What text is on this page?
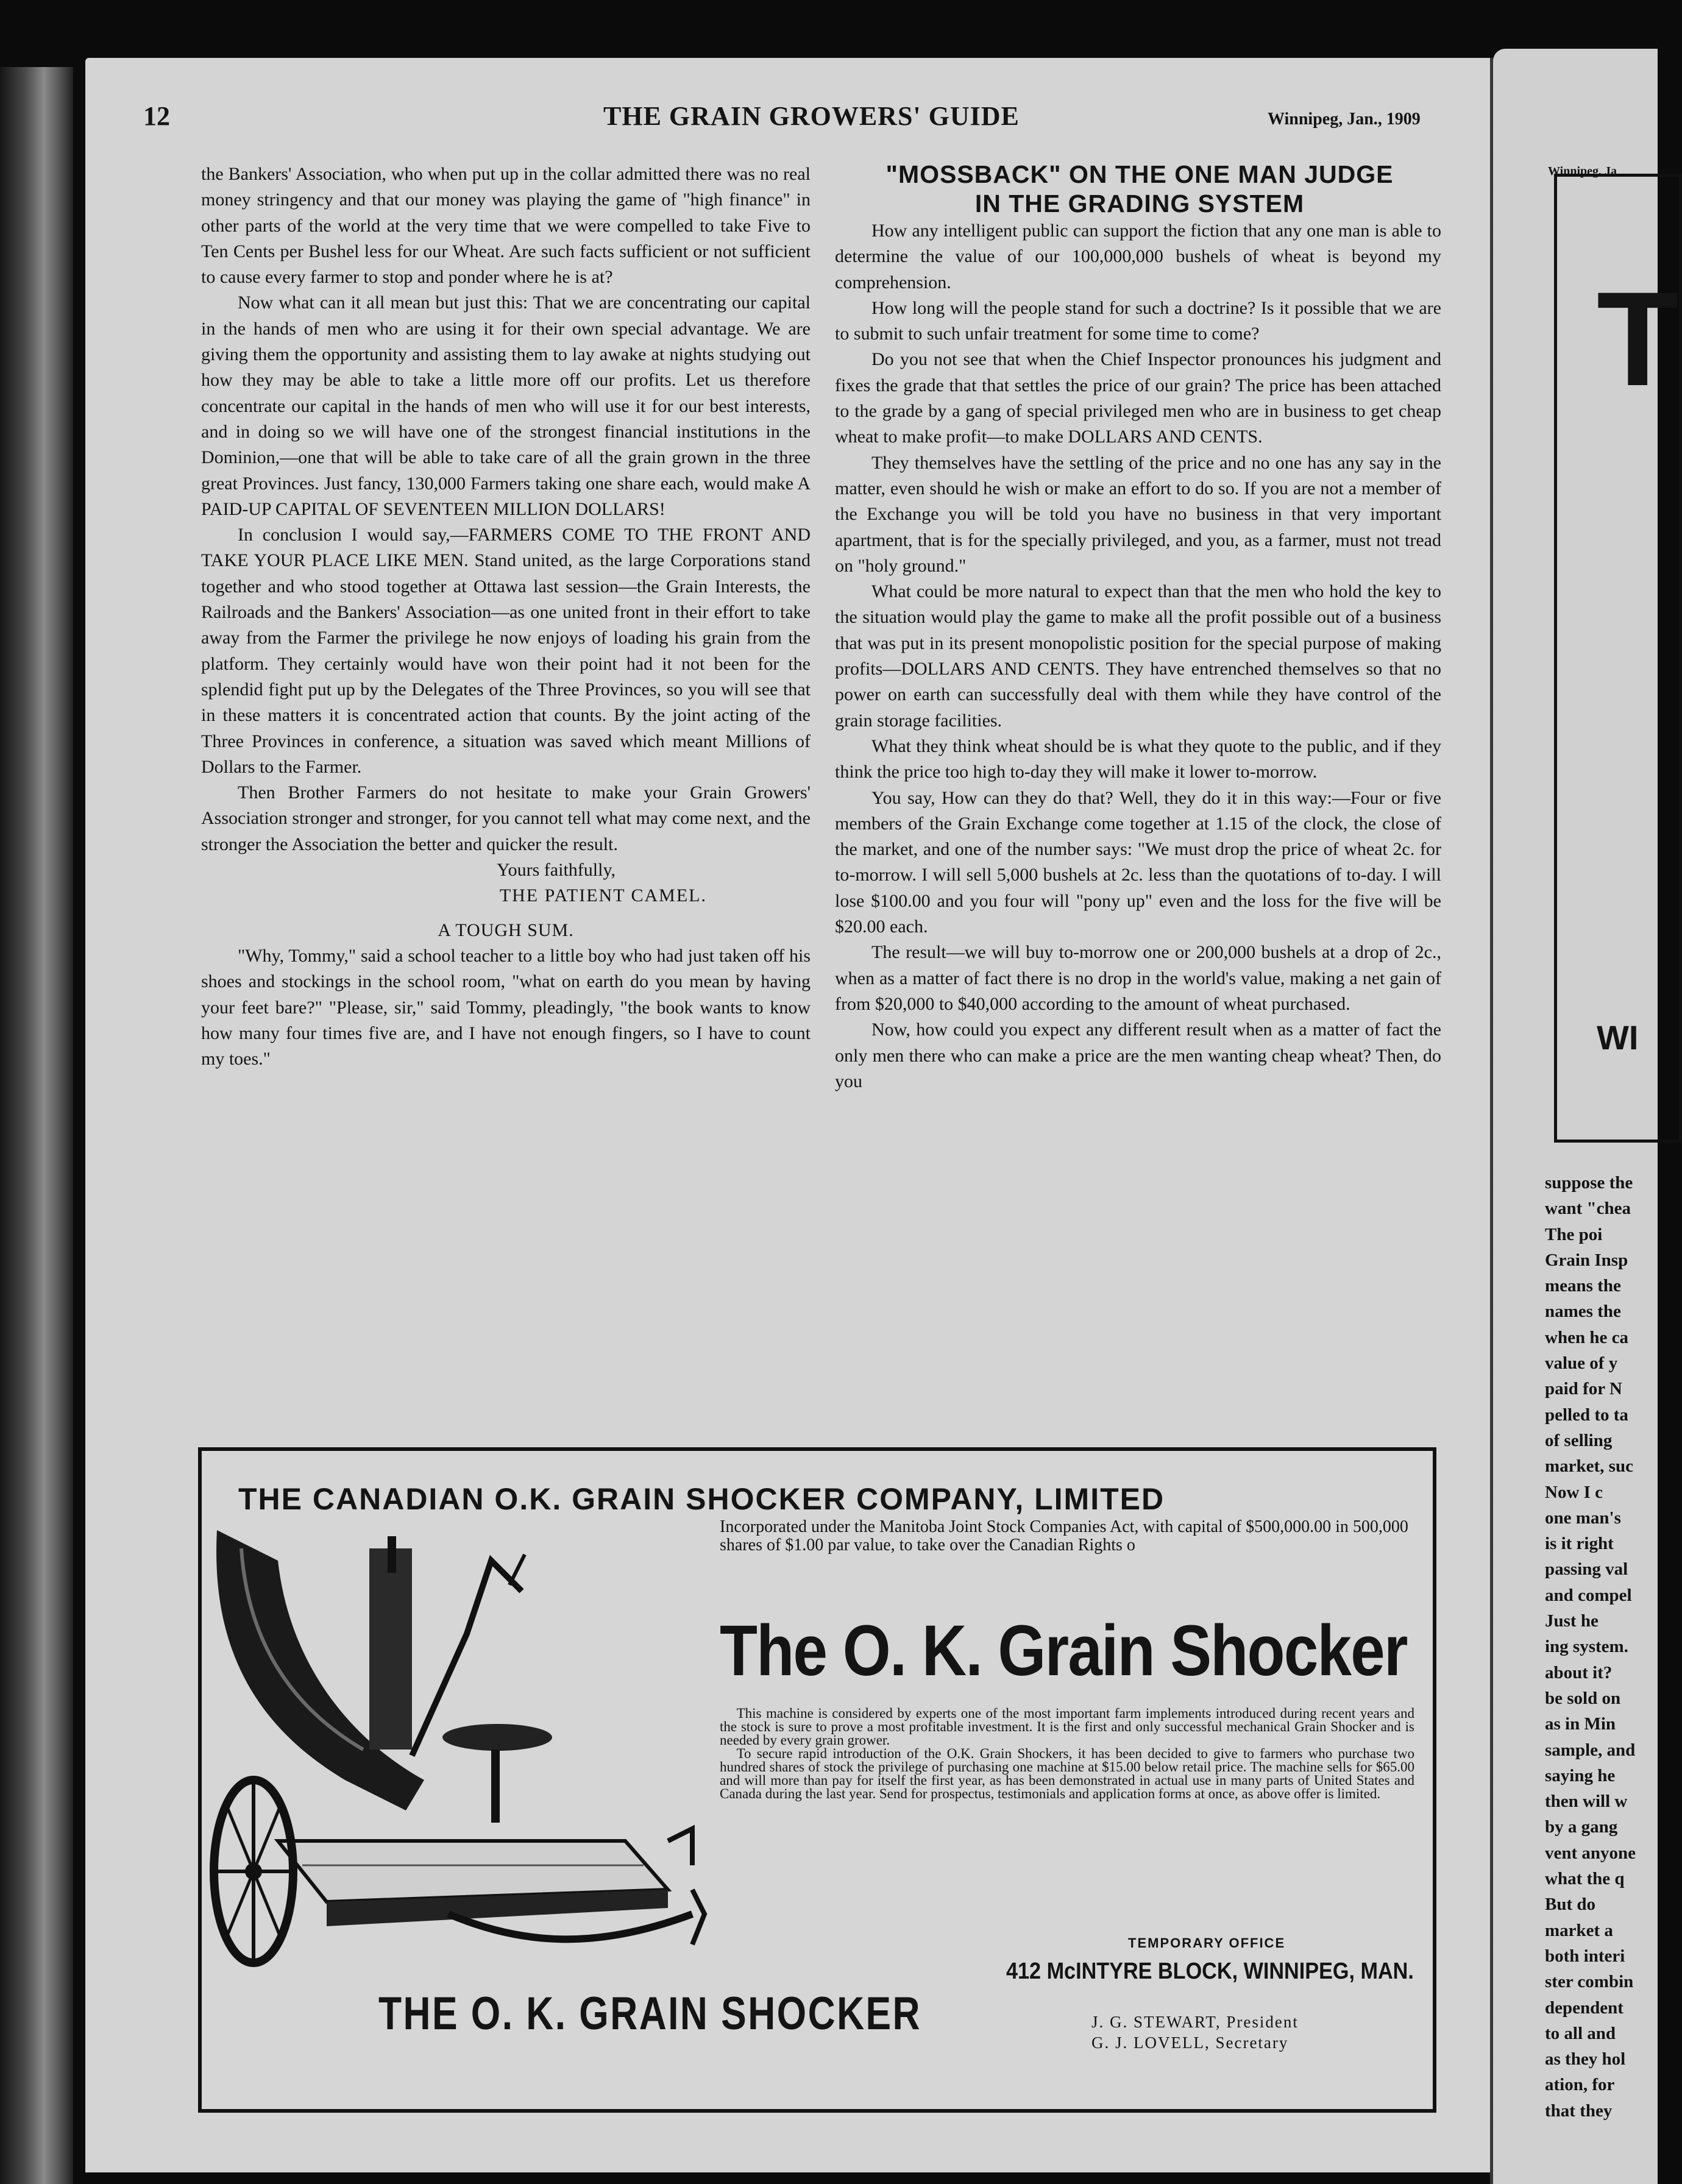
12	THE GRAIN GROWERS' GUIDE	Winnipeg, Jan., 1909

the Bankers' Association, who when put up in the collar admitted there was no real money stringency and that our money was playing the game of "high finance" in other parts of the world at the very time that we were compelled to take Five to Ten Cents per Bushel less for our Wheat. Are such facts sufficient or not sufficient to cause every farmer to stop and ponder where he is at?

Now what can it all mean but just this: That we are concentrating our capital in the hands of men who are using it for their own special advantage. We are giving them the opportunity and assisting them to lay awake at nights studying out how they may be able to take a little more off our profits. Let us therefore concentrate our capital in the hands of men who will use it for our best interests, and in doing so we will have one of the strongest financial institutions in the Dominion,—one that will be able to take care of all the grain grown in the three great Provinces. Just fancy, 130,000 Farmers taking one share each, would make A PAID-UP CAPITAL OF SEVENTEEN MILLION DOLLARS!

In conclusion I would say,—FARMERS COME TO THE FRONT AND TAKE YOUR PLACE LIKE MEN. Stand united, as the large Corporations stand together and who stood together at Ottawa last session—the Grain Interests, the Railroads and the Bankers' Association—as one united front in their effort to take away from the Farmer the privilege he now enjoys of loading his grain from the platform. They certainly would have won their point had it not been for the splendid fight put up by the Delegates of the Three Provinces, so you will see that in these matters it is concentrated action that counts. By the joint acting of the Three Provinces in conference, a situation was saved which meant Millions of Dollars to the Farmer.

Then Brother Farmers do not hesitate to make your Grain Growers' Association stronger and stronger, for you cannot tell what may come next, and the stronger the Association the better and quicker the result.

Yours faithfully,

THE PATIENT CAMEL.

A TOUGH SUM.

"Why, Tommy," said a school teacher to a little boy who had just taken off his shoes and stockings in the school room, "what on earth do you mean by having your feet bare?" "Please, sir," said Tommy, pleadingly, "the book wants to know how many four times five are, and I have not enough fingers, so I have to count my toes."

"MOSSBACK" ON THE ONE MAN JUDGE
IN THE GRADING SYSTEM

How any intelligent public can support the fiction that any one man is able to determine the value of our 100,000,000 bushels of wheat is beyond my comprehension.

How long will the people stand for such a doctrine? Is it possible that we are to submit to such unfair treatment for some time to come?

Do you not see that when the Chief Inspector pronounces his judgment and fixes the grade that that settles the price of our grain? The price has been attached to the grade by a gang of special privileged men who are in business to get cheap wheat to make profit—to make DOLLARS AND CENTS.

They themselves have the settling of the price and no one has any say in the matter, even should he wish or make an effort to do so. If you are not a member of the Exchange you will be told you have no business in that very important apartment, that is for the specially privileged, and you, as a farmer, must not tread on "holy ground."

What could be more natural to expect than that the men who hold the key to the situation would play the game to make all the profit possible out of a business that was put in its present monopolistic position for the special purpose of making profits—DOLLARS AND CENTS. They have entrenched themselves so that no power on earth can successfully deal with them while they have control of the grain storage facilities.

What they think wheat should be is what they quote to the public, and if they think the price too high to-day they will make it lower to-morrow.

You say, How can they do that? Well, they do it in this way:—Four or five members of the Grain Exchange come together at 1.15 of the clock, the close of the market, and one of the number says: "We must drop the price of wheat 2c. for to-morrow. I will sell 5,000 bushels at 2c. less than the quotations of to-day. I will lose $100.00 and you four will "pony up" even and the loss for the five will be $20.00 each.

The result—we will buy to-morrow one or 200,000 bushels at a drop of 2c., when as a matter of fact there is no drop in the world's value, making a net gain of from $20,000 to $40,000 according to the amount of wheat purchased.

Now, how could you expect any different result when as a matter of fact the only men there who can make a price are the men wanting cheap wheat? Then, do you

THE CANADIAN O.K. GRAIN SHOCKER COMPANY, LIMITED
Incorporated under the Manitoba Joint Stock Companies Act, with capital of $500,000.00 in 500,000 shares of $1.00 par value, to take over the Canadian Rights o
The O. K. Grain Shocker

This machine is considered by experts one of the most important farm implements introduced during recent years and the stock is sure to prove a most profitable investment. It is the first and only successful mechanical Grain Shocker and is needed by every grain grower.

To secure rapid introduction of the O.K. Grain Shockers, it has been decided to give to farmers who purchase two hundred shares of stock the privilege of purchasing one machine at $15.00 below retail price. The machine sells for $65.00 and will more than pay for itself the first year, as has been demonstrated in actual use in many parts of United States and Canada during the last year. Send for prospectus, testimonials and application forms at once, as above offer is limited.

THE O. K. GRAIN SHOCKER
TEMPORARY OFFICE
412 McINTYRE BLOCK, WINNIPEG, MAN.
J. G. STEWART, President
G. J. LOVELL, Secretary
Winnipeg, Ja
T
WI
suppose the
want "chea
The poi
Grain Insp
means the
names the
when he ca
value of y
paid for N
pelled to ta
of selling
market, suc
Now I c
one man's
is it right
passing val
and compel
Just he
ing system.
about it?
be sold on
as in Min
sample, and
saying he
then will w
by a gang
vent anyone
what the q
But do
market a
both interi
ster combin
dependent
to all and
as they hol
ation, for
that they
